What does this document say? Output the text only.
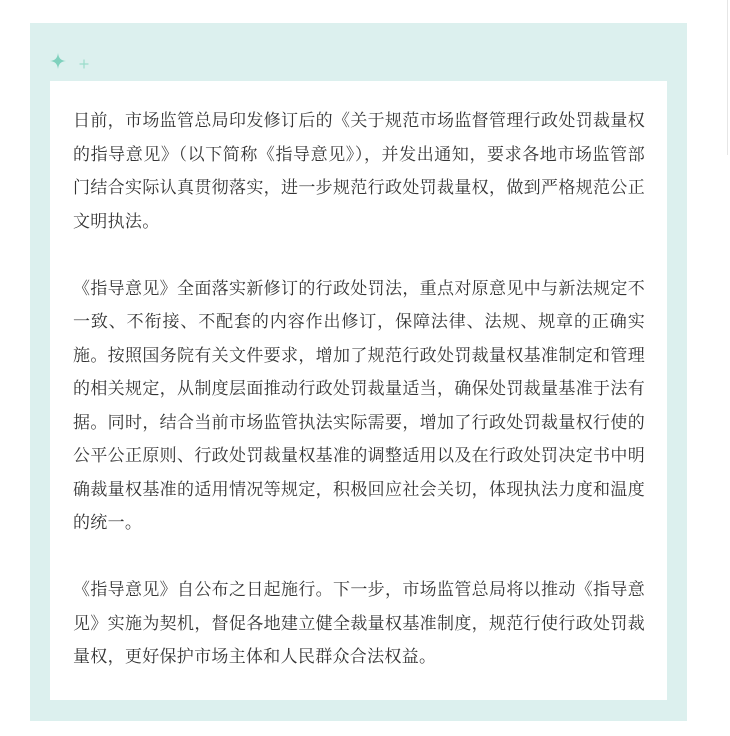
日前，市场监管总局印发修订后的《关于规范市场监督管理行政处罚裁量权的指导意见》（以下简称《指导意见》），并发出通知，要求各地市场监管部门结合实际认真贯彻落实，进一步规范行政处罚裁量权，做到严格规范公正文明执法。

《指导意见》全面落实新修订的行政处罚法，重点对原意见中与新法规定不一致、不衔接、不配套的内容作出修订，保障法律、法规、规章的正确实施。按照国务院有关文件要求，增加了规范行政处罚裁量权基准制定和管理的相关规定，从制度层面推动行政处罚裁量适当，确保处罚裁量基准于法有据。同时，结合当前市场监管执法实际需要，增加了行政处罚裁量权行使的公平公正原则、行政处罚裁量权基准的调整适用以及在行政处罚决定书中明确裁量权基准的适用情况等规定，积极回应社会关切，体现执法力度和温度的统一。

《指导意见》自公布之日起施行。下一步，市场监管总局将以推动《指导意见》实施为契机，督促各地建立健全裁量权基准制度，规范行使行政处罚裁量权，更好保护市场主体和人民群众合法权益。
